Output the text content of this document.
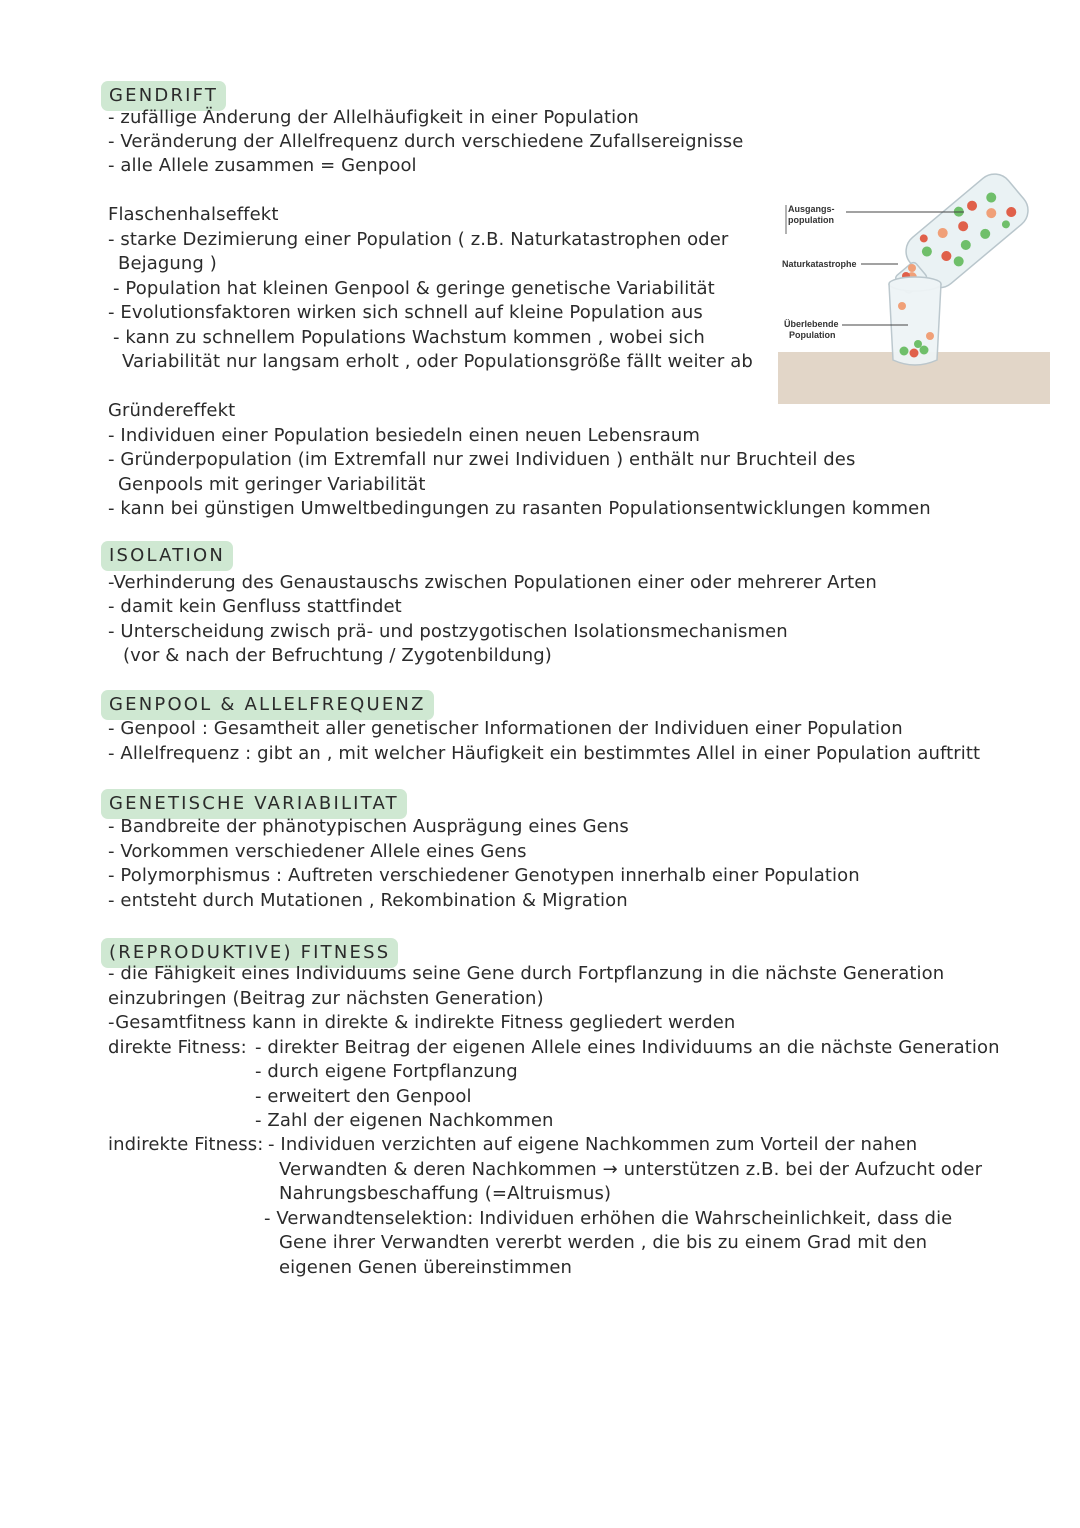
GENDRIFT
- zufällige Änderung der Allelhäufigkeit in einer Population
- Veränderung der Allelfrequenz durch verschiedene Zufallsereignisse
- alle Allele zusammen = Genpool
Flaschenhalseffekt
- starke Dezimierung einer Population ( z.B. Naturkatastrophen oder
Bejagung )
- Population hat kleinen Genpool & geringe genetische Variabilität
- Evolutionsfaktoren wirken sich schnell auf kleine Population aus
- kann zu schnellem Populations Wachstum kommen , wobei sich
Variabilität nur langsam erholt , oder Populationsgröße fällt weiter ab
Ausgangs-
population
Naturkatastrophe
Überlebende
Population
Gründereffekt
- Individuen einer Population besiedeln einen neuen Lebensraum
- Gründerpopulation (im Extremfall nur zwei Individuen ) enthält nur Bruchteil des
Genpools mit geringer Variabilität
- kann bei günstigen Umweltbedingungen zu rasanten Populationsentwicklungen kommen
ISOLATION
-Verhinderung des Genaustauschs zwischen Populationen einer oder mehrerer Arten
- damit kein Genfluss stattfindet
- Unterscheidung zwisch prä- und postzygotischen Isolationsmechanismen
(vor & nach der Befruchtung / Zygotenbildung)
GENPOOL & ALLELFREQUENZ
- Genpool : Gesamtheit aller genetischer Informationen der Individuen einer Population
- Allelfrequenz : gibt an , mit welcher Häufigkeit ein bestimmtes Allel in einer Population auftritt
GENETISCHE VARIABILITAT
- Bandbreite der phänotypischen Ausprägung eines Gens
- Vorkommen verschiedener Allele eines Gens
- Polymorphismus : Auftreten verschiedener Genotypen innerhalb einer Population
- entsteht durch Mutationen , Rekombination & Migration
(REPRODUKTIVE) FITNESS
- die Fähigkeit eines Individuums seine Gene durch Fortpflanzung in die nächste Generation
einzubringen (Beitrag zur nächsten Generation)
-Gesamtfitness kann in direkte & indirekte Fitness gegliedert werden
direkte Fitness: - direkter Beitrag der eigenen Allele eines Individuums an die nächste Generation
- durch eigene Fortpflanzung
- erweitert den Genpool
- Zahl der eigenen Nachkommen
indirekte Fitness: - Individuen verzichten auf eigene Nachkommen zum Vorteil der nahen
Verwandten & deren Nachkommen → unterstützen z.B. bei der Aufzucht oder
Nahrungsbeschaffung (=Altruismus)
- Verwandtenselektion: Individuen erhöhen die Wahrscheinlichkeit, dass die
Gene ihrer Verwandten vererbt werden , die bis zu einem Grad mit den
eigenen Genen übereinstimmen
